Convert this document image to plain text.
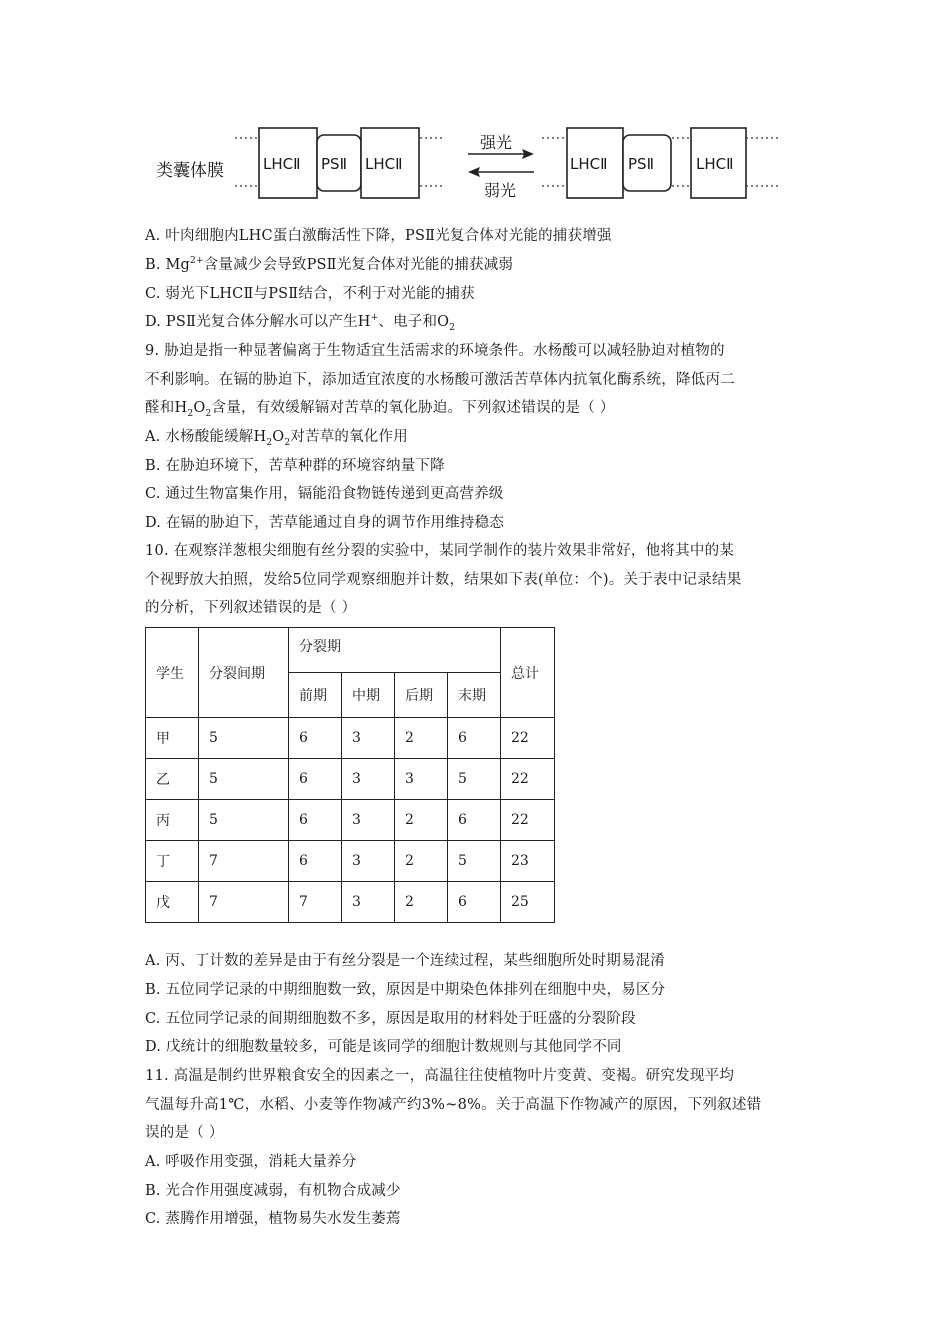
类囊体膜	LHCⅡ PSⅡ LHCⅡ
强光
弱光
LHCⅡ PSⅡ	LHCⅡ
A. 叶肉细胞内LHC蛋白激酶活性下降，PSⅡ光复合体对光能的捕获增强
B. $Mg^{2+}$含量减少会导致PSⅡ光复合体对光能的捕获减弱
C. 弱光下LHCⅡ与PSⅡ结合，不利于对光能的捕获
D. PSⅡ光复合体分解水可以产生H+、电子和$O_2$
9. 胁迫是指一种显著偏离于生物适宜生活需求的环境条件。水杨酸可以减轻胁迫对植物的
不利影响。在镉的胁迫下，添加适宜浓度的水杨酸可激活苦草体内抗氧化酶系统，降低丙二
醛和$H_2O_2$含量，有效缓解镉对苦草的氧化胁迫。下列叙述错误的是（ ）
A. 水杨酸能缓解$H_2O_2$对苦草的氧化作用
B. 在胁迫环境下，苦草种群的环境容纳量下降
C. 通过生物富集作用，镉能沿食物链传递到更高营养级
D. 在镉的胁迫下，苦草能通过自身的调节作用维持稳态
10. 在观察洋葱根尖细胞有丝分裂的实验中，某同学制作的装片效果非常好，他将其中的某
个视野放大拍照，发给5位同学观察细胞并计数，结果如下表(单位：个)。关于表中记录结果
的分析，下列叙述错误的是（ ）
学生	分裂间期	分裂期				总计
		前期	中期	后期	末期	
甲	5	6	3	2	6	22
乙	5	6	3	3	5	22
丙	5	6	3	2	6	22
丁	7	6	3	2	5	23
戊	7	7	3	2	6	25
A. 丙、丁计数的差异是由于有丝分裂是一个连续过程，某些细胞所处时期易混淆
B. 五位同学记录的中期细胞数一致，原因是中期染色体排列在细胞中央，易区分
C. 五位同学记录的间期细胞数不多，原因是取用的材料处于旺盛的分裂阶段
D. 戊统计的细胞数量较多，可能是该同学的细胞计数规则与其他同学不同
11. 高温是制约世界粮食安全的因素之一，高温往往使植物叶片变黄、变褐。研究发现平均
气温每升高1℃，水稻、小麦等作物减产约3%~8%。关于高温下作物减产的原因，下列叙述错
误的是（ ）
A. 呼吸作用变强，消耗大量养分
B. 光合作用强度减弱，有机物合成减少
C. 蒸腾作用增强，植物易失水发生萎蔫
